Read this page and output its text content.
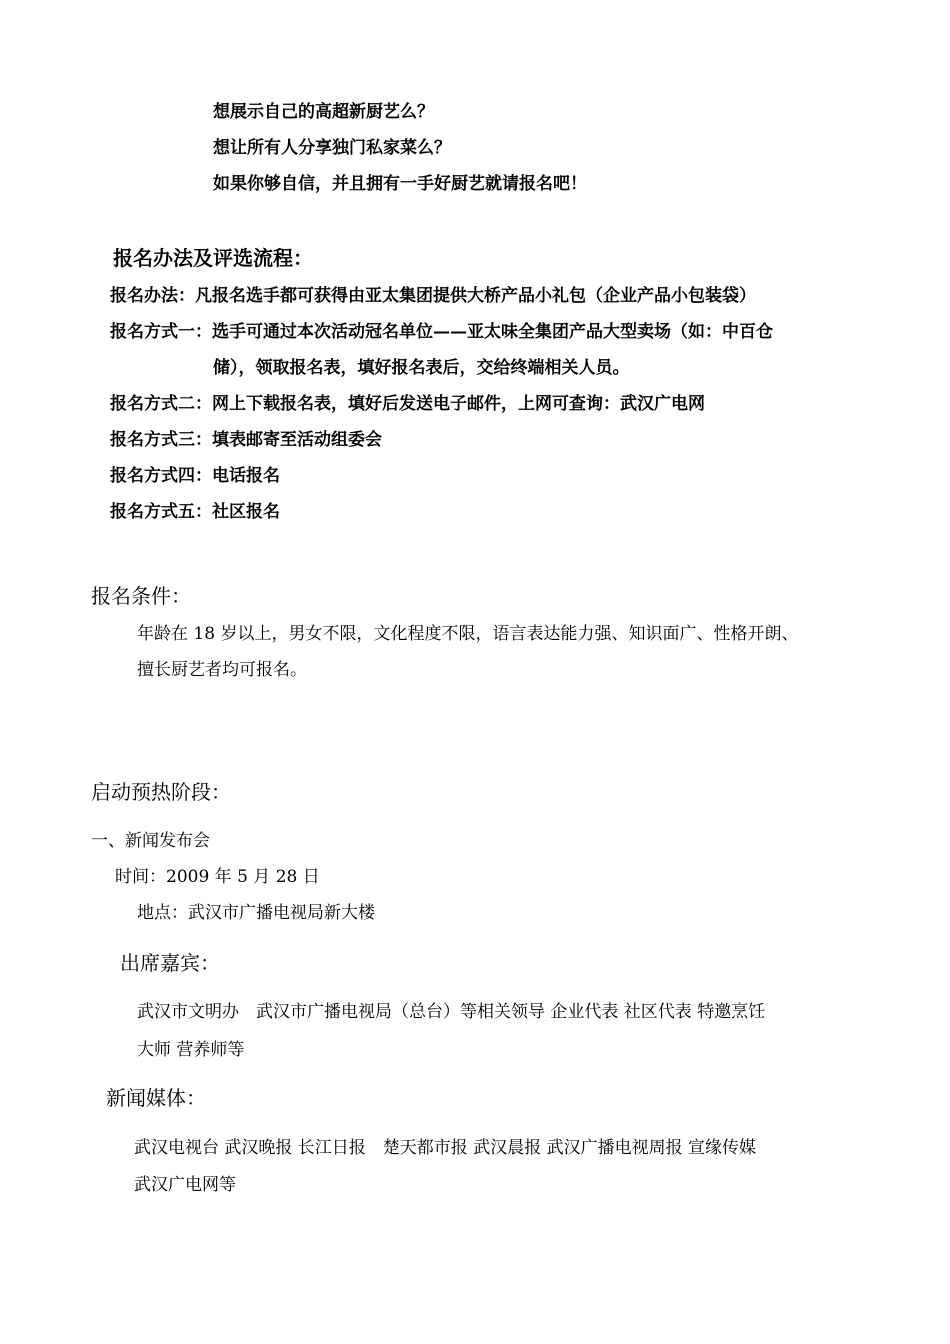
想展示自己的高超新厨艺么？
想让所有人分享独门私家菜么？
如果你够自信，并且拥有一手好厨艺就请报名吧！
报名办法及评选流程：
报名办法：凡报名选手都可获得由亚太集团提供大桥产品小礼包（企业产品小包装袋）
报名方式一：选手可通过本次活动冠名单位——亚太味全集团产品大型卖场（如：中百仓
储），领取报名表，填好报名表后，交给终端相关人员。
报名方式二：网上下载报名表，填好后发送电子邮件，上网可查询：武汉广电网
报名方式三：填表邮寄至活动组委会
报名方式四：电话报名
报名方式五：社区报名
报名条件：
年龄在 18 岁以上，男女不限，文化程度不限，语言表达能力强、知识面广、性格开朗、
擅长厨艺者均可报名。
启动预热阶段：
一、新闻发布会
时间：2009 年 5 月 28 日
地点：武汉市广播电视局新大楼
出席嘉宾：
武汉市文明办　武汉市广播电视局（总台）等相关领导 企业代表 社区代表 特邀烹饪
大师 营养师等
新闻媒体：
武汉电视台 武汉晚报 长江日报　楚天都市报 武汉晨报 武汉广播电视周报 宣缘传媒
武汉广电网等
